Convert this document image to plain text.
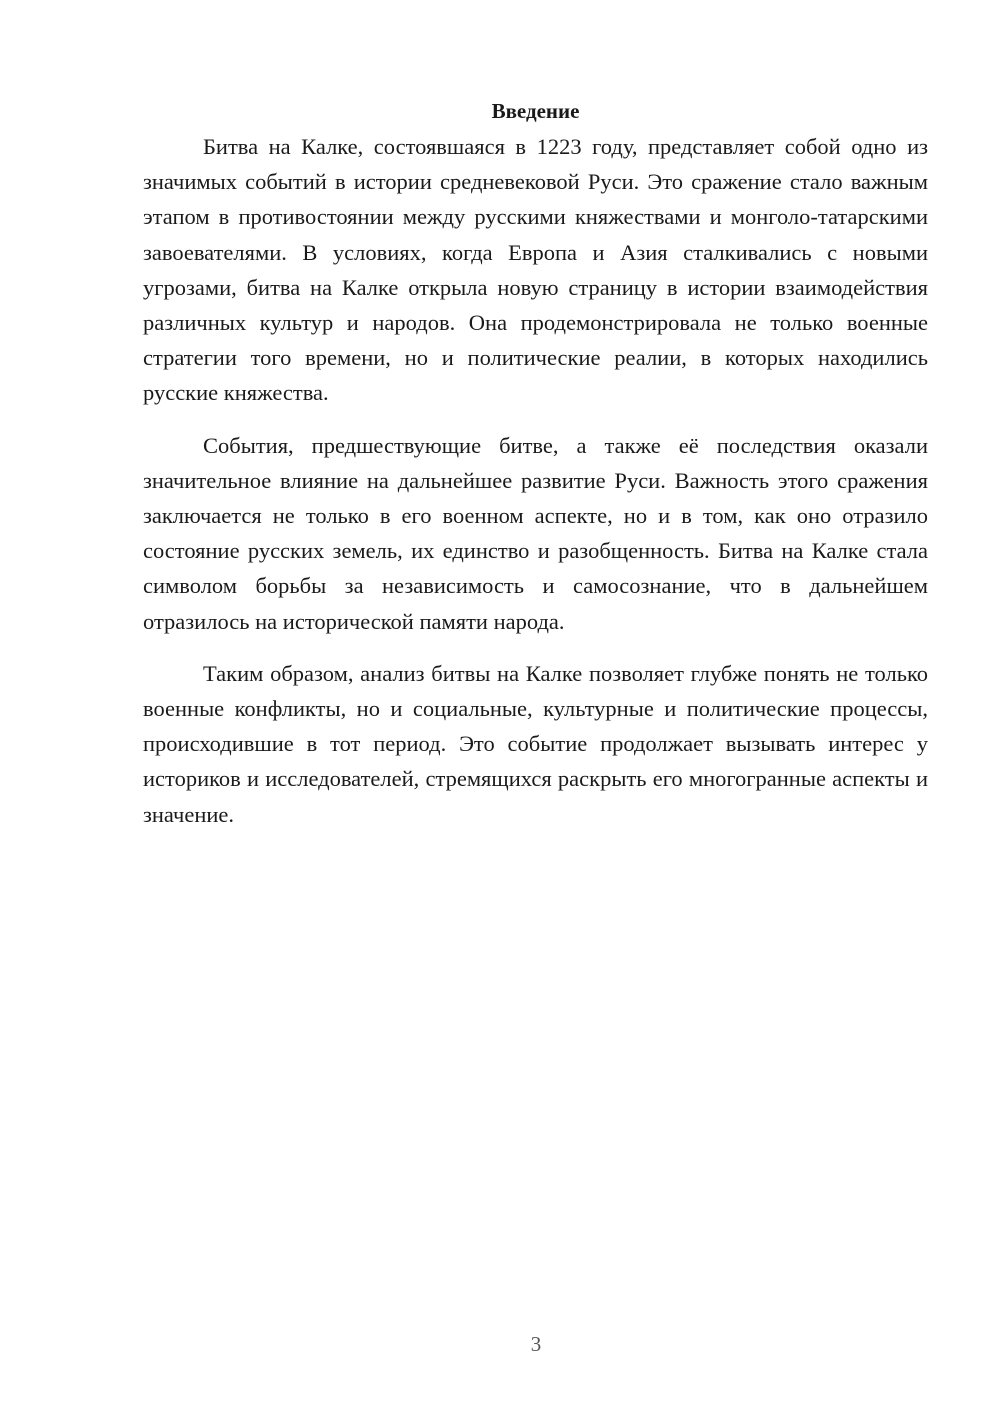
Введение

Битва на Калке, состоявшаяся в 1223 году, представляет собой одно из значимых событий в истории средневековой Руси. Это сражение стало важным этапом в противостоянии между русскими княжествами и монголо-татарскими завоевателями. В условиях, когда Европа и Азия сталкивались с новыми угрозами, битва на Калке открыла новую страницу в истории взаимодействия различных культур и народов. Она продемонстрировала не только военные стратегии того времени, но и политические реалии, в которых находились русские княжества.

События, предшествующие битве, а также её последствия оказали значительное влияние на дальнейшее развитие Руси. Важность этого сражения заключается не только в его военном аспекте, но и в том, как оно отразило состояние русских земель, их единство и разобщенность. Битва на Калке стала символом борьбы за независимость и самосознание, что в дальнейшем отразилось на исторической памяти народа.

Таким образом, анализ битвы на Калке позволяет глубже понять не только военные конфликты, но и социальные, культурные и политические процессы, происходившие в тот период. Это событие продолжает вызывать интерес у историков и исследователей, стремящихся раскрыть его многогранные аспекты и значение.

3
